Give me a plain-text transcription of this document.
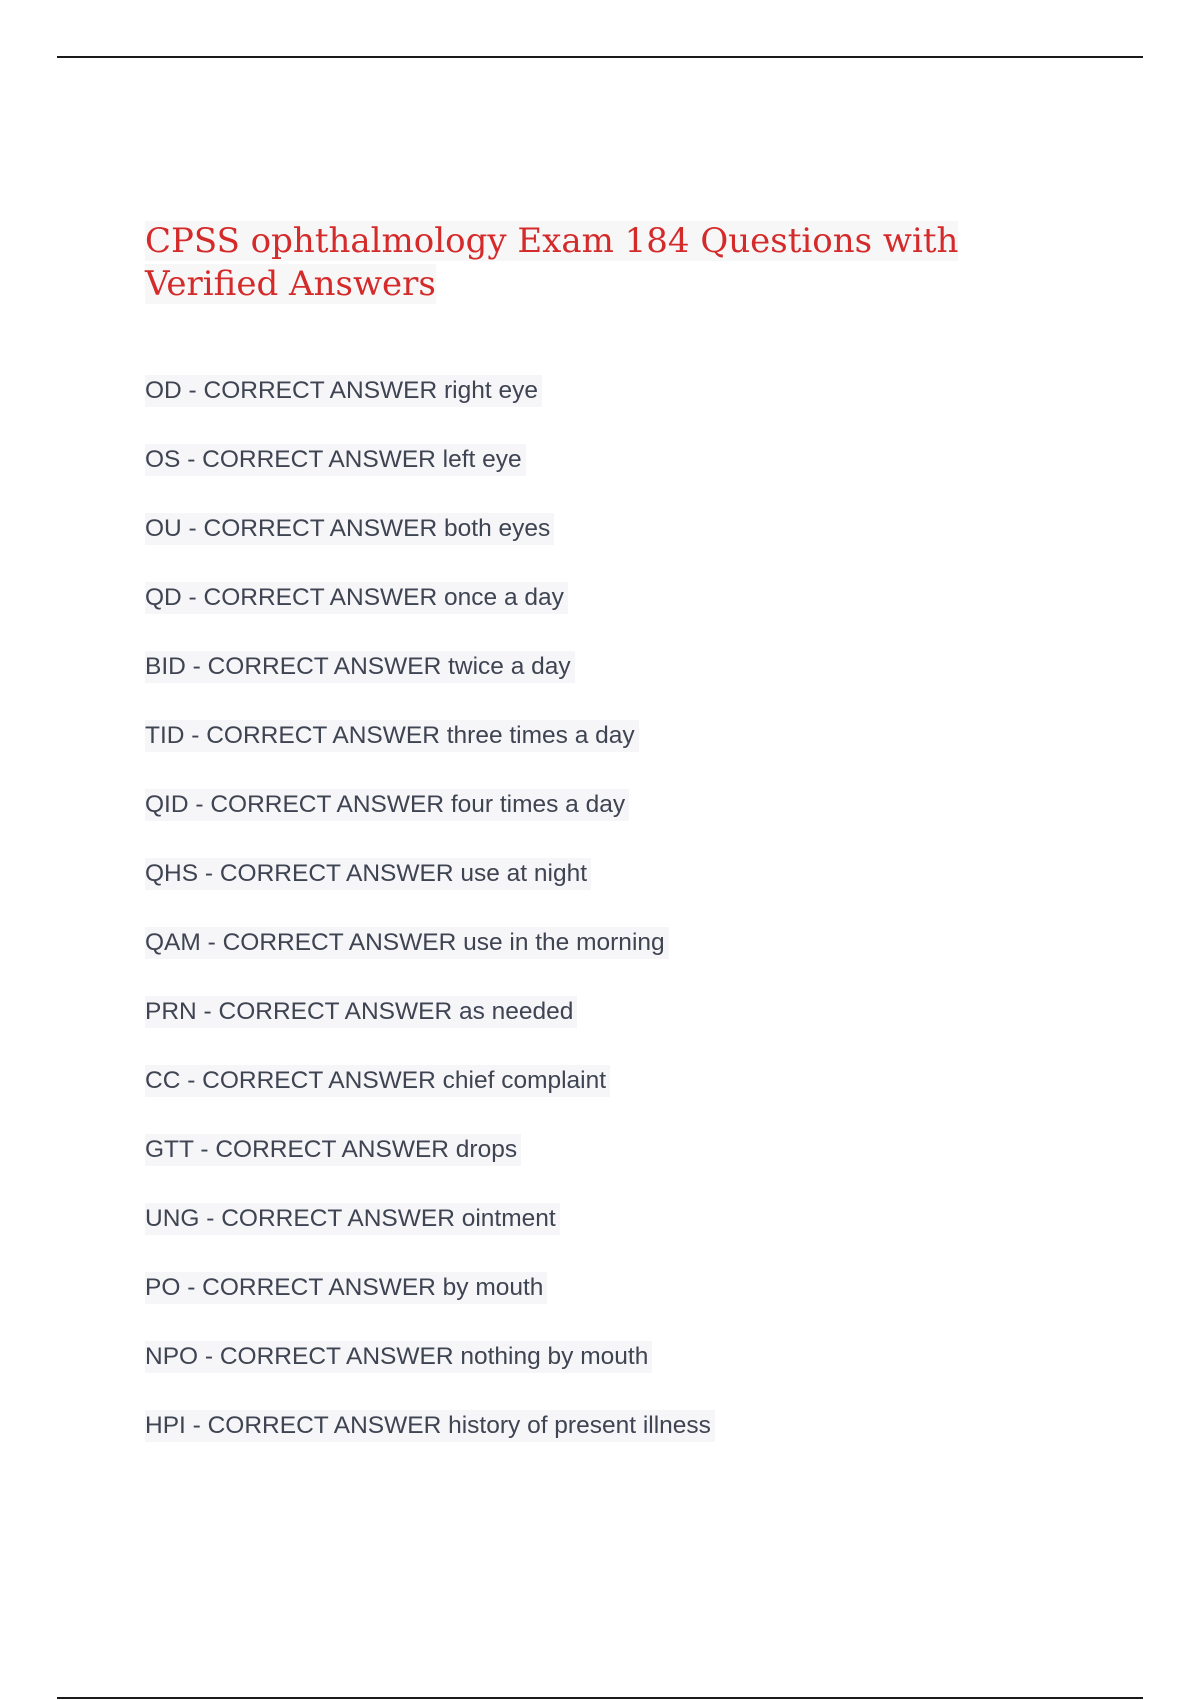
CPSS ophthalmology Exam 184 Questions with Verified Answers
OD - CORRECT ANSWER right eye
OS - CORRECT ANSWER left eye
OU - CORRECT ANSWER both eyes
QD - CORRECT ANSWER once a day
BID - CORRECT ANSWER twice a day
TID - CORRECT ANSWER three times a day
QID - CORRECT ANSWER four times a day
QHS - CORRECT ANSWER use at night
QAM - CORRECT ANSWER use in the morning
PRN - CORRECT ANSWER as needed
CC - CORRECT ANSWER chief complaint
GTT - CORRECT ANSWER drops
UNG - CORRECT ANSWER ointment
PO - CORRECT ANSWER by mouth
NPO - CORRECT ANSWER nothing by mouth
HPI - CORRECT ANSWER history of present illness
